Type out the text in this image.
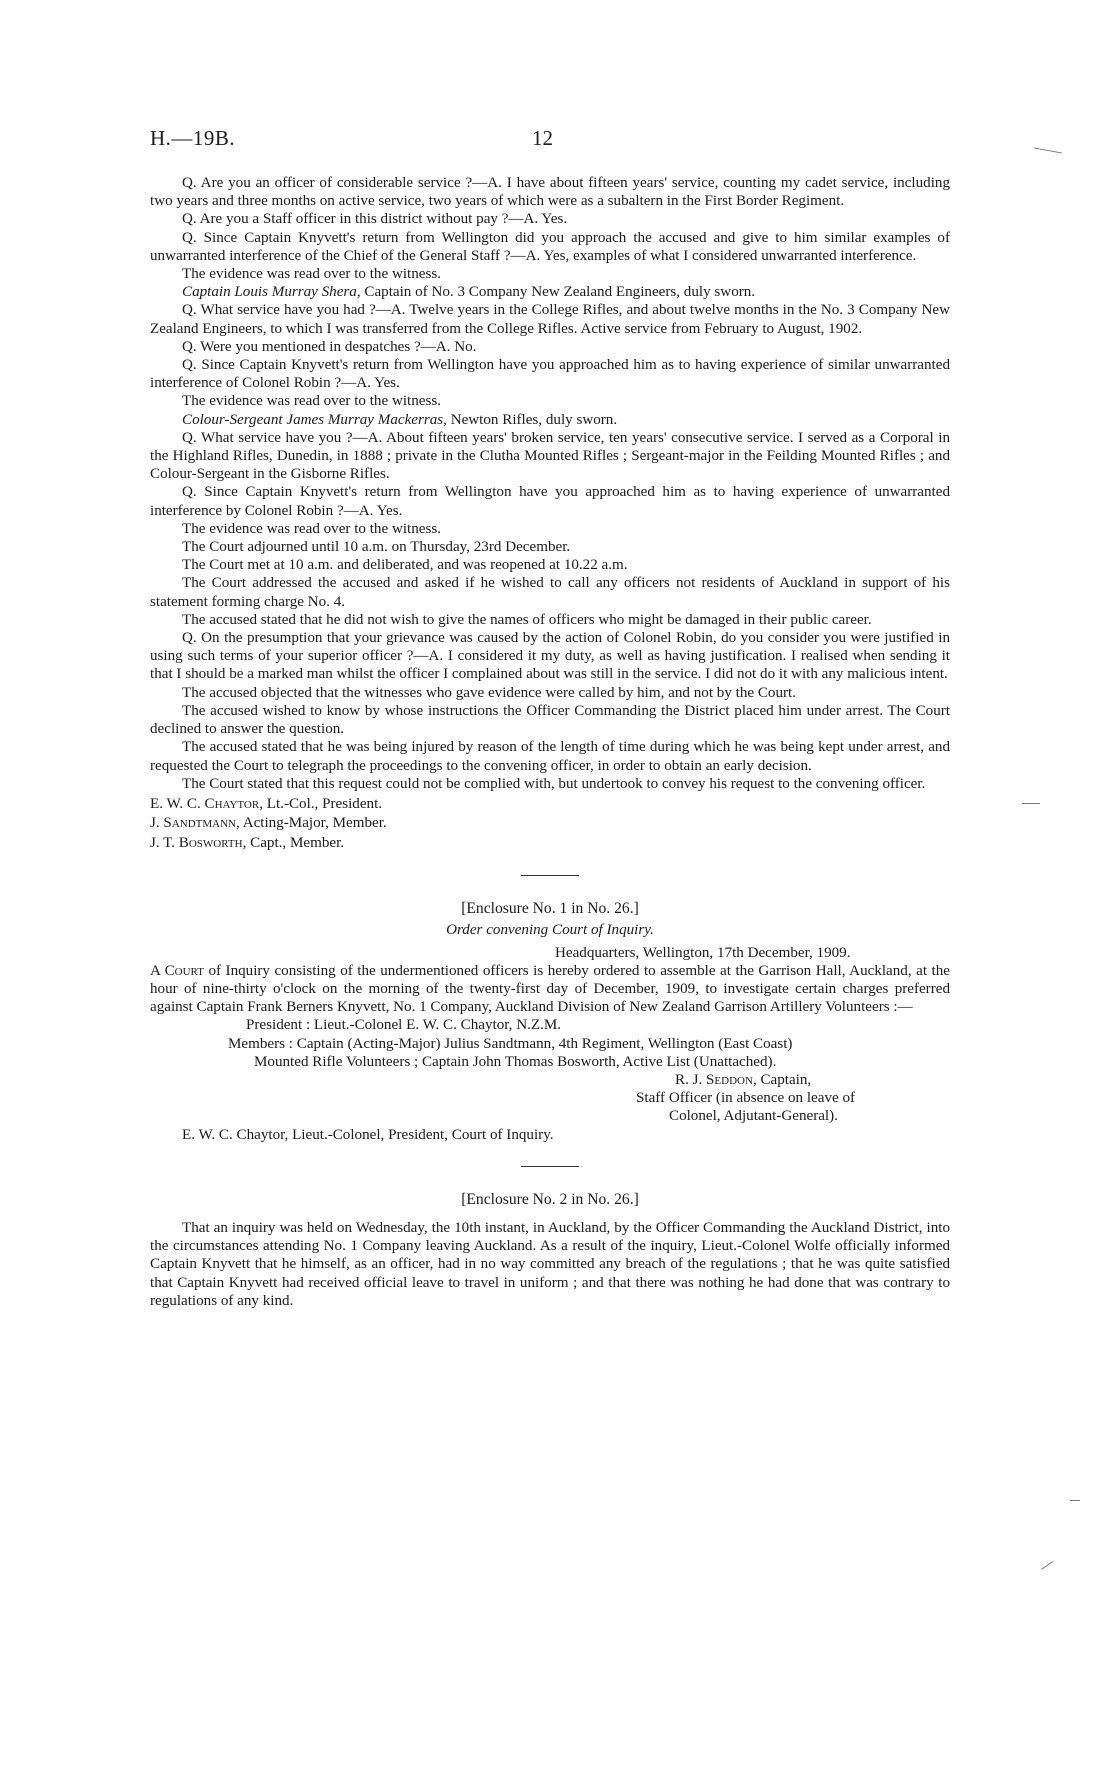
H.—19B.	12

Q. Are you an officer of considerable service ?—A. I have about fifteen years' service, counting my cadet service, including two years and three months on active service, two years of which were as a subaltern in the First Border Regiment.

Q. Are you a Staff officer in this district without pay ?—A. Yes.

Q. Since Captain Knyvett's return from Wellington did you approach the accused and give to him similar examples of unwarranted interference of the Chief of the General Staff ?—A. Yes, examples of what I considered unwarranted interference.

The evidence was read over to the witness.

Captain Louis Murray Shera, Captain of No. 3 Company New Zealand Engineers, duly sworn.

Q. What service have you had ?—A. Twelve years in the College Rifles, and about twelve months in the No. 3 Company New Zealand Engineers, to which I was transferred from the College Rifles. Active service from February to August, 1902.

Q. Were you mentioned in despatches ?—A. No.

Q. Since Captain Knyvett's return from Wellington have you approached him as to having experience of similar unwarranted interference of Colonel Robin ?—A. Yes.

The evidence was read over to the witness.

Colour-Sergeant James Murray Mackerras, Newton Rifles, duly sworn.

Q. What service have you ?—A. About fifteen years' broken service, ten years' consecutive service. I served as a Corporal in the Highland Rifles, Dunedin, in 1888 ; private in the Clutha Mounted Rifles ; Sergeant-major in the Feilding Mounted Rifles ; and Colour-Sergeant in the Gisborne Rifles.

Q. Since Captain Knyvett's return from Wellington have you approached him as to having experience of unwarranted interference by Colonel Robin ?—A. Yes.

The evidence was read over to the witness.

The Court adjourned until 10 a.m. on Thursday, 23rd December.

The Court met at 10 a.m. and deliberated, and was reopened at 10.22 a.m.

The Court addressed the accused and asked if he wished to call any officers not residents of Auckland in support of his statement forming charge No. 4.

The accused stated that he did not wish to give the names of officers who might be damaged in their public career.

Q. On the presumption that your grievance was caused by the action of Colonel Robin, do you consider you were justified in using such terms of your superior officer ?—A. I considered it my duty, as well as having justification. I realised when sending it that I should be a marked man whilst the officer I complained about was still in the service. I did not do it with any malicious intent.

The accused objected that the witnesses who gave evidence were called by him, and not by the Court.

The accused wished to know by whose instructions the Officer Commanding the District placed him under arrest. The Court declined to answer the question.

The accused stated that he was being injured by reason of the length of time during which he was being kept under arrest, and requested the Court to telegraph the proceedings to the convening officer, in order to obtain an early decision.

The Court stated that this request could not be complied with, but undertook to convey his request to the convening officer.

E. W. C. Chaytor, Lt.-Col., President.

J. Sandtmann, Acting-Major, Member.

J. T. Bosworth, Capt., Member.

[Enclosure No. 1 in No. 26.]

Order convening Court of Inquiry.

Headquarters, Wellington, 17th December, 1909.

A Court of Inquiry consisting of the undermentioned officers is hereby ordered to assemble at the Garrison Hall, Auckland, at the hour of nine-thirty o'clock on the morning of the twenty-first day of December, 1909, to investigate certain charges preferred against Captain Frank Berners Knyvett, No. 1 Company, Auckland Division of New Zealand Garrison Artillery Volunteers :—

President : Lieut.-Colonel E. W. C. Chaytor, N.Z.M.

Members : Captain (Acting-Major) Julius Sandtmann, 4th Regiment, Wellington (East Coast)

Mounted Rifle Volunteers ; Captain John Thomas Bosworth, Active List (Unattached).

R. J. Seddon, Captain,

Staff Officer (in absence on leave of

Colonel, Adjutant-General).

E. W. C. Chaytor, Lieut.-Colonel, President, Court of Inquiry.

[Enclosure No. 2 in No. 26.]

That an inquiry was held on Wednesday, the 10th instant, in Auckland, by the Officer Commanding the Auckland District, into the circumstances attending No. 1 Company leaving Auckland. As a result of the inquiry, Lieut.-Colonel Wolfe officially informed Captain Knyvett that he himself, as an officer, had in no way committed any breach of the regulations ; that he was quite satisfied that Captain Knyvett had received official leave to travel in uniform ; and that there was nothing he had done that was contrary to regulations of any kind.
